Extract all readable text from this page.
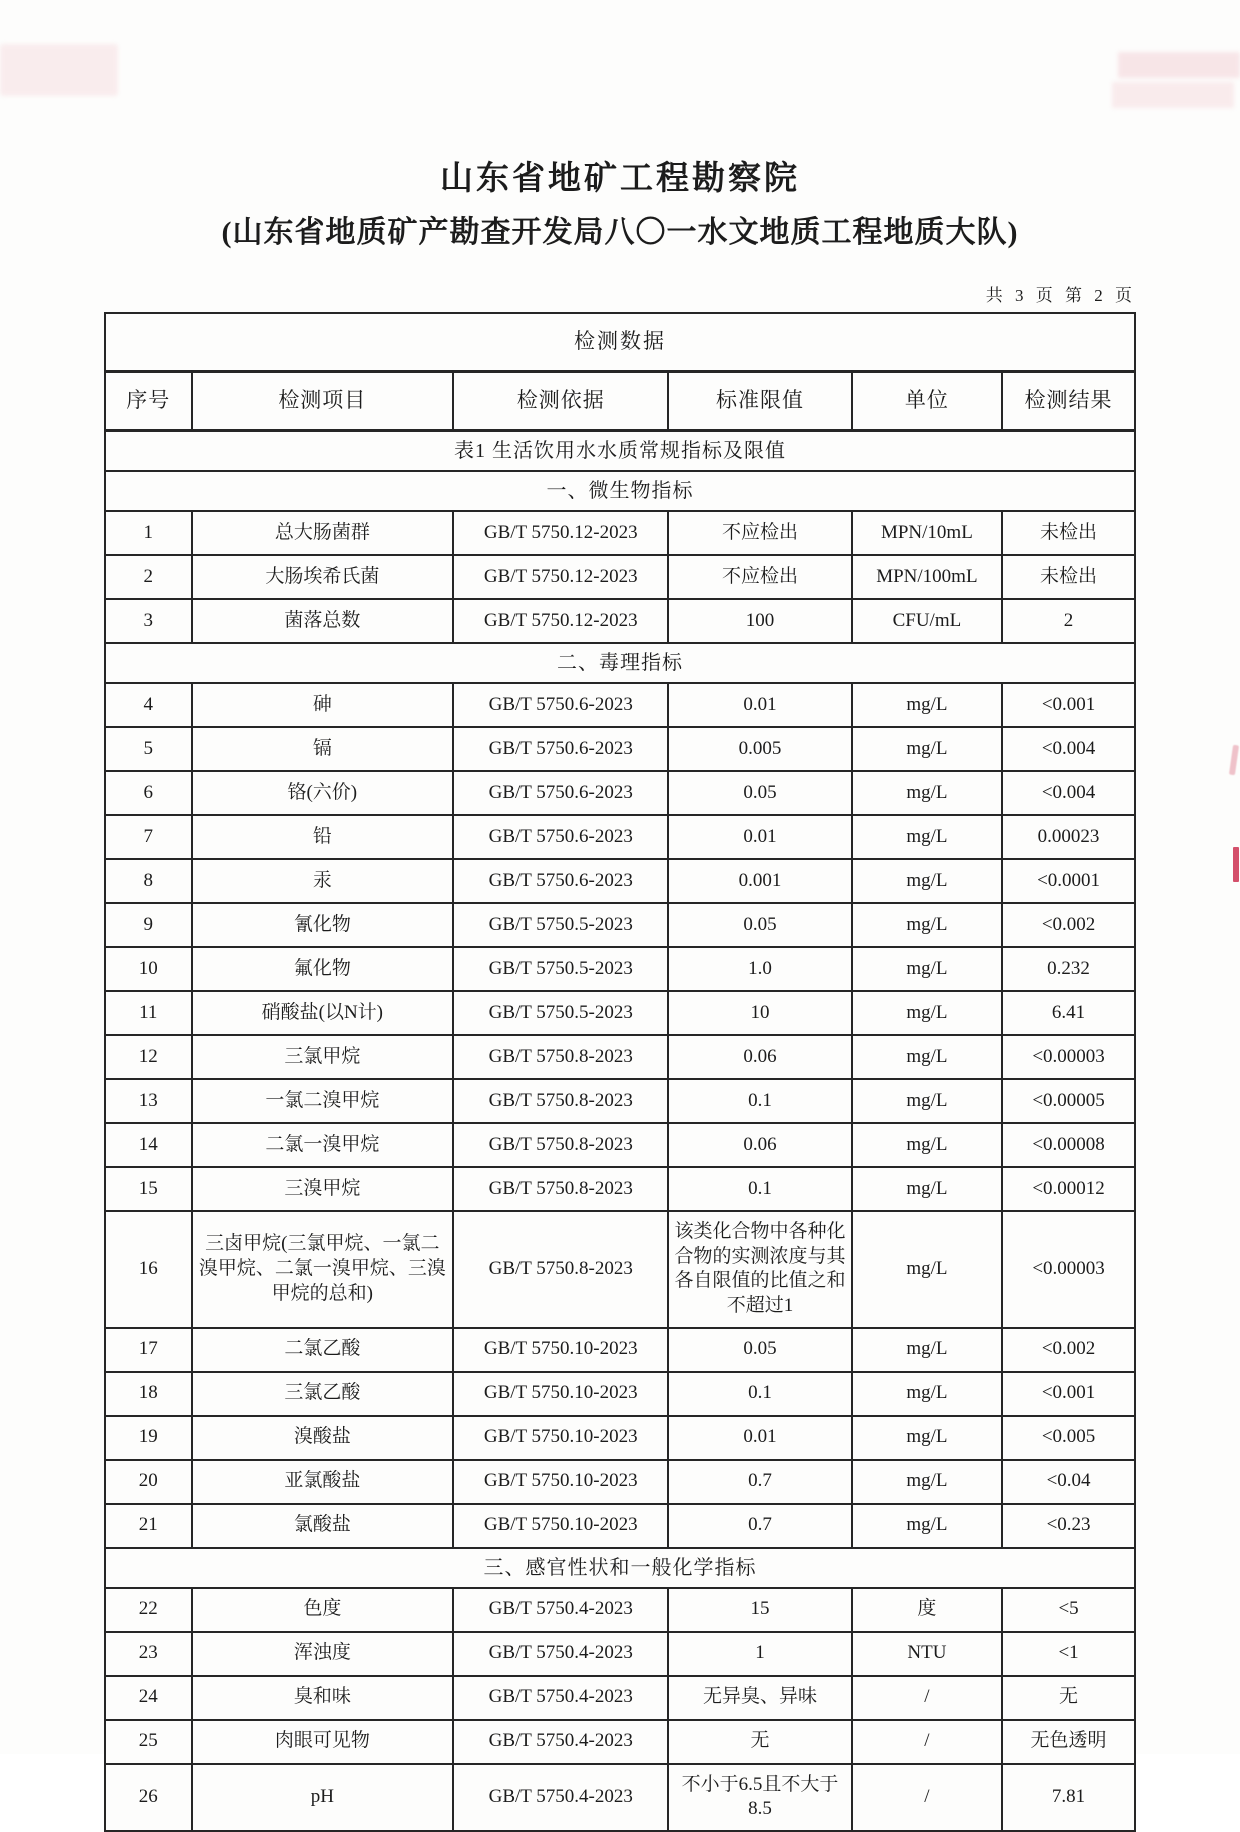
山东省地矿工程勘察院
(山东省地质矿产勘查开发局八〇一水文地质工程地质大队)
共 3 页 第 2 页
检测数据					
序号	检测项目	检测依据	标准限值	单位	检测结果
表1 生活饮用水水质常规指标及限值					
一、微生物指标					
1	总大肠菌群	GB/T 5750.12-2023	不应检出	MPN/10mL	未检出
2	大肠埃希氏菌	GB/T 5750.12-2023	不应检出	MPN/100mL	未检出
3	菌落总数	GB/T 5750.12-2023	100	CFU/mL	2
二、毒理指标					
4	砷	GB/T 5750.6-2023	0.01	mg/L	<0.001
5	镉	GB/T 5750.6-2023	0.005	mg/L	<0.004
6	铬(六价)	GB/T 5750.6-2023	0.05	mg/L	<0.004
7	铅	GB/T 5750.6-2023	0.01	mg/L	0.00023
8	汞	GB/T 5750.6-2023	0.001	mg/L	<0.0001
9	氰化物	GB/T 5750.5-2023	0.05	mg/L	<0.002
10	氟化物	GB/T 5750.5-2023	1.0	mg/L	0.232
11	硝酸盐(以N计)	GB/T 5750.5-2023	10	mg/L	6.41
12	三氯甲烷	GB/T 5750.8-2023	0.06	mg/L	<0.00003
13	一氯二溴甲烷	GB/T 5750.8-2023	0.1	mg/L	<0.00005
14	二氯一溴甲烷	GB/T 5750.8-2023	0.06	mg/L	<0.00008
15	三溴甲烷	GB/T 5750.8-2023	0.1	mg/L	<0.00012
16	三卤甲烷(三氯甲烷、一氯二溴甲烷、二氯一溴甲烷、三溴甲烷的总和)	GB/T 5750.8-2023	该类化合物中各种化合物的实测浓度与其各自限值的比值之和不超过1	mg/L	<0.00003
17	二氯乙酸	GB/T 5750.10-2023	0.05	mg/L	<0.002
18	三氯乙酸	GB/T 5750.10-2023	0.1	mg/L	<0.001
19	溴酸盐	GB/T 5750.10-2023	0.01	mg/L	<0.005
20	亚氯酸盐	GB/T 5750.10-2023	0.7	mg/L	<0.04
21	氯酸盐	GB/T 5750.10-2023	0.7	mg/L	<0.23
三、感官性状和一般化学指标					
22	色度	GB/T 5750.4-2023	15	度	<5
23	浑浊度	GB/T 5750.4-2023	1	NTU	<1
24	臭和味	GB/T 5750.4-2023	无异臭、异味	/	无
25	肉眼可见物	GB/T 5750.4-2023	无	/	无色透明
26	pH	GB/T 5750.4-2023	不小于6.5且不大于8.5	/	7.81
